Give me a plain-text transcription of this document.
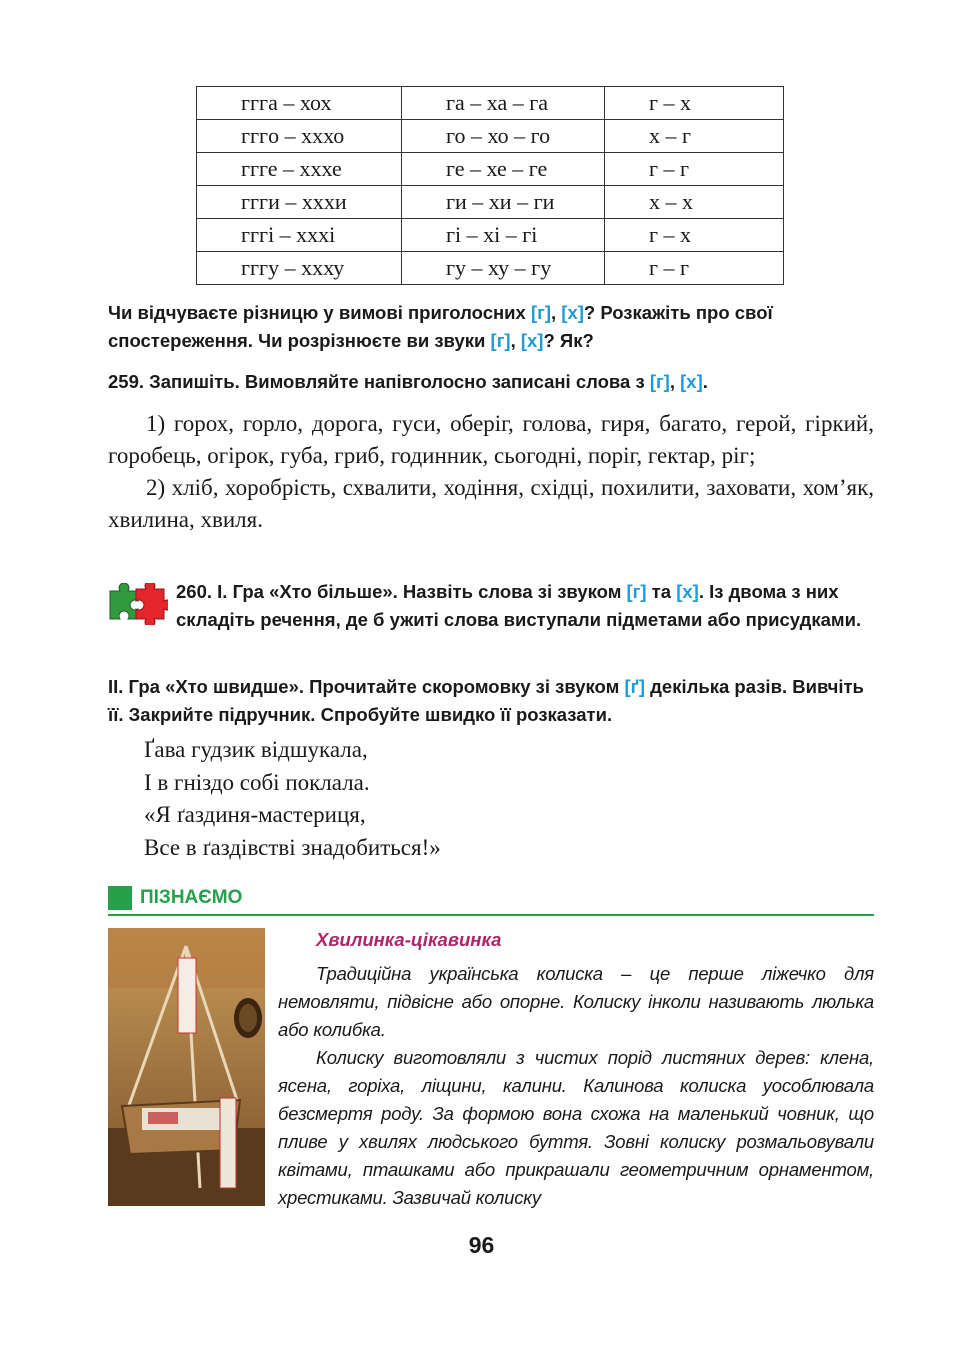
ггга – хох	га – ха – га	г – х
гггo – хххо	го – хо – го	х – г
ггге – хххе	ге – хе – ге	г – г
ггги – ххxи	ги – хи – ги	х – х
гггі – хххі	гі – хі – гі	г – х
гггу – хxху	гу – ху – гу	г – г
Чи відчуваєте різницю у вимові приголосних [г], [х]? Розкажіть про свої спостереження. Чи розрізнюєте ви звуки [г], [х]? Як?
259. Запишіть. Вимовляйте напівголосно записані слова з [г], [х].

1) горох, горло, дорога, гуси, оберіг, голова, гиря, багато, герой, гіркий, горобець, огірок, губа, гриб, годинник, сьогодні, поріг, гектар, ріг;

2) хліб, хоробрість, схвалити, ходіння, східці, похилити, заховати, хом’як, хвилина, хвиля.

260. І. Гра «Хто більше». Назвіть слова зі звуком [г] та [х]. Із двома з них складіть речення, де б ужиті слова виступали підметами або присудками.
ІІ. Гра «Хто швидше». Прочитайте скоромовку зі звуком [ґ] декілька разів. Вивчіть її. Закрийте підручник. Спробуйте швидко її розказати.
Ґава гудзик відшукала,
І в гніздо собі поклала.
«Я ґаздиня-мастериця,
Все в ґаздівстві знадобиться!»
ПІЗНАЄМО
Хвилинка-цікавинка

Традиційна українська колиска – це перше ліжечко для немовляти, підвісне або опорне. Колиску інколи називають люлька або колибка.

Колиску виготовляли з чистих порід листяних дерев: клена, ясена, горіха, ліщини, калини. Калинова колиска уособлювала безсмертя роду. За формою вона схожа на маленький човник, що пливе у хвилях людського буття. Зовні колиску розмальовували квітами, пташками або прикрашали геометричним орнаментом, хрестиками. Зазвичай колиску

96
